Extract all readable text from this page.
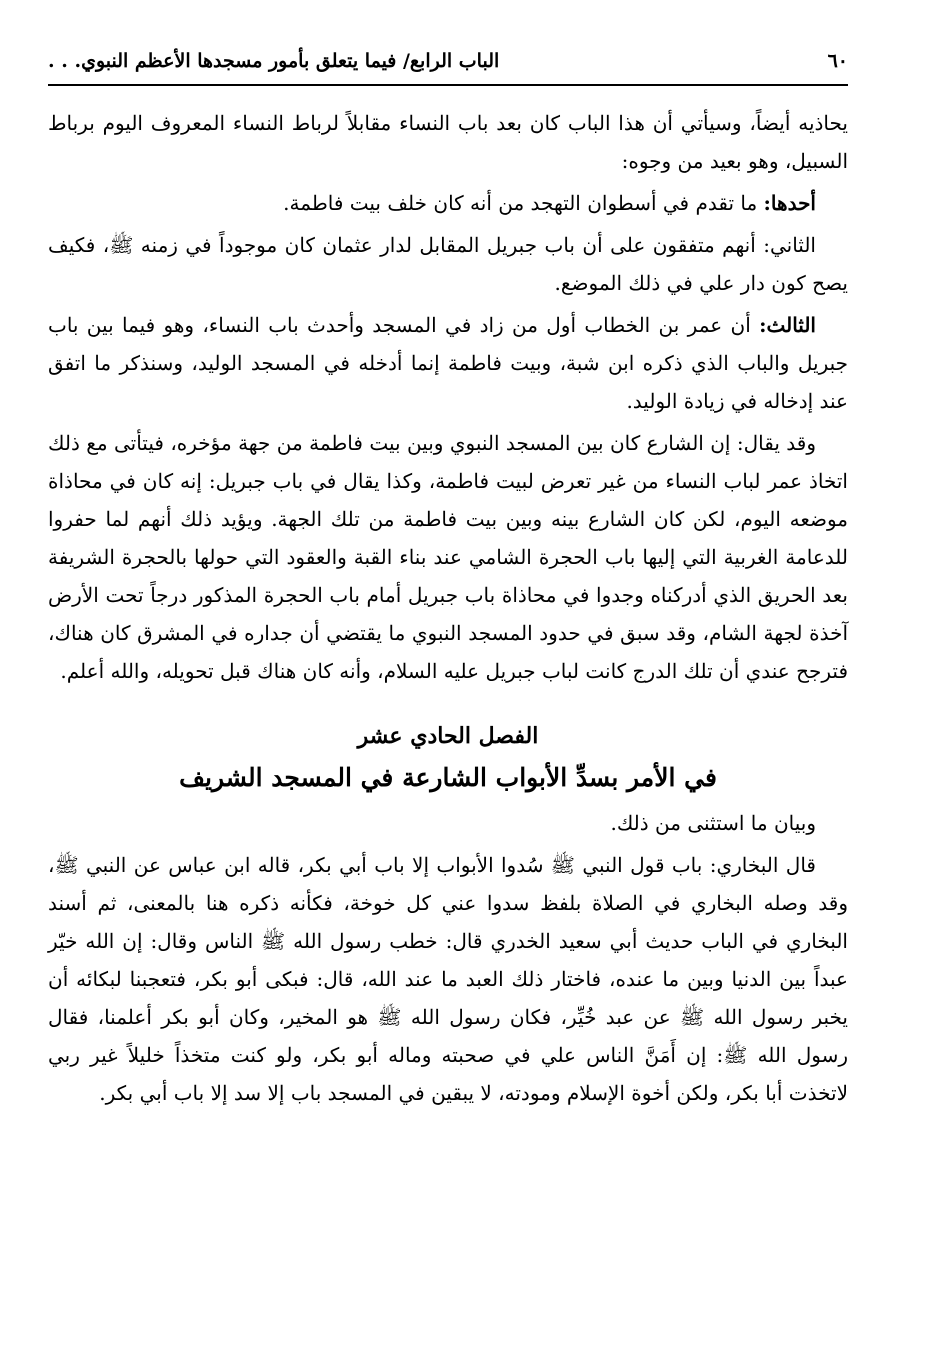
٦٠
الباب الرابع/ فيما يتعلق بأمور مسجدها الأعظم النبوي. . .

يحاذيه أيضاً، وسيأتي أن هذا الباب كان بعد باب النساء مقابلاً لرباط النساء المعروف اليوم برباط السبيل، وهو بعيد من وجوه:

أحدها: ما تقدم في أسطوان التهجد من أنه كان خلف بيت فاطمة.

الثاني: أنهم متفقون على أن باب جبريل المقابل لدار عثمان كان موجوداً في زمنه ﷺ، فكيف يصح كون دار علي في ذلك الموضع.

الثالث: أن عمر بن الخطاب أول من زاد في المسجد وأحدث باب النساء، وهو فيما بين باب جبريل والباب الذي ذكره ابن شبة، وبيت فاطمة إنما أدخله في المسجد الوليد، وسنذكر ما اتفق عند إدخاله في زيادة الوليد.

وقد يقال: إن الشارع كان بين المسجد النبوي وبين بيت فاطمة من جهة مؤخره، فيتأتى مع ذلك اتخاذ عمر لباب النساء من غير تعرض لبيت فاطمة، وكذا يقال في باب جبريل: إنه كان في محاذاة موضعه اليوم، لكن كان الشارع بينه وبين بيت فاطمة من تلك الجهة. ويؤيد ذلك أنهم لما حفروا للدعامة الغربية التي إليها باب الحجرة الشامي عند بناء القبة والعقود التي حولها بالحجرة الشريفة بعد الحريق الذي أدركناه وجدوا في محاذاة باب جبريل أمام باب الحجرة المذكور درجاً تحت الأرض آخذة لجهة الشام، وقد سبق في حدود المسجد النبوي ما يقتضي أن جداره في المشرق كان هناك، فترجح عندي أن تلك الدرج كانت لباب جبريل عليه السلام، وأنه كان هناك قبل تحويله، والله أعلم.

الفصل الحادي عشر
في الأمر بسدِّ الأبواب الشارعة في المسجد الشريف

وبيان ما استثنى من ذلك.

قال البخاري: باب قول النبي ﷺ سُدوا الأبواب إلا باب أبي بكر، قاله ابن عباس عن النبي ﷺ، وقد وصله البخاري في الصلاة بلفظ سدوا عني كل خوخة، فكأنه ذكره هنا بالمعنى، ثم أسند البخاري في الباب حديث أبي سعيد الخدري قال: خطب رسول الله ﷺ الناس وقال: إن الله خيّر عبداً بين الدنيا وبين ما عنده، فاختار ذلك العبد ما عند الله، قال: فبكى أبو بكر، فتعجبنا لبكائه أن يخبر رسول الله ﷺ عن عبد خُيِّر، فكان رسول الله ﷺ هو المخير، وكان أبو بكر أعلمنا، فقال رسول الله ﷺ: إن أَمَنَّ الناس علي في صحبته وماله أبو بكر، ولو كنت متخذاً خليلاً غير ربي لاتخذت أبا بكر، ولكن أخوة الإسلام ومودته، لا يبقين في المسجد باب إلا سد إلا باب أبي بكر.
